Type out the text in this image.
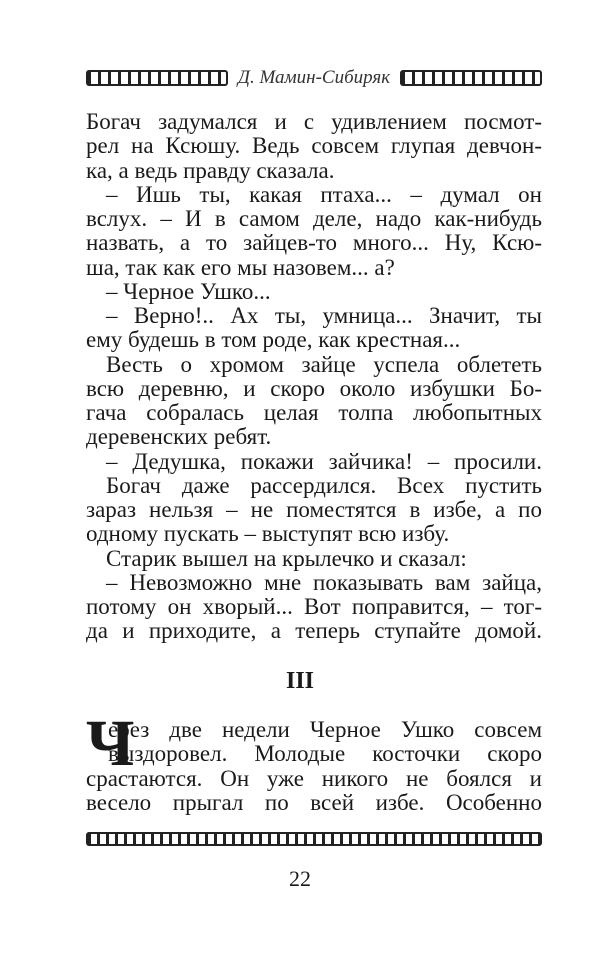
Д. Мамин-Сибиряк
Богач задумался и с удивлением посмот-
рел на Ксюшу. Ведь совсем глупая девчон-
ка, а ведь правду сказала.
– Ишь ты, какая птаха... – думал он
вслух. – И в самом деле, надо как-нибудь
назвать, а то зайцев-то много... Ну, Ксю-
ша, так как его мы назовем... а?
– Черное Ушко...
– Верно!.. Ах ты, умница... Значит, ты
ему будешь в том роде, как крестная...
Весть о хромом зайце успела облететь
всю деревню, и скоро около избушки Бо-
гача собралась целая толпа любопытных
деревенских ребят.
– Дедушка, покажи зайчика! – просили.
Богач даже рассердился. Всех пустить
зараз нельзя – не поместятся в избе, а по
одному пускать – выступят всю избу.
Старик вышел на крылечко и сказал:
– Невозможно мне показывать вам зайца,
потому он хворый... Вот поправится, – тог-
да и приходите, а теперь ступайте домой.
III
Ч
ерез две недели Черное Ушко совсем
выздоровел. Молодые косточки скоро
срастаются. Он уже никого не боялся и
весело прыгал по всей избе. Особенно
22
